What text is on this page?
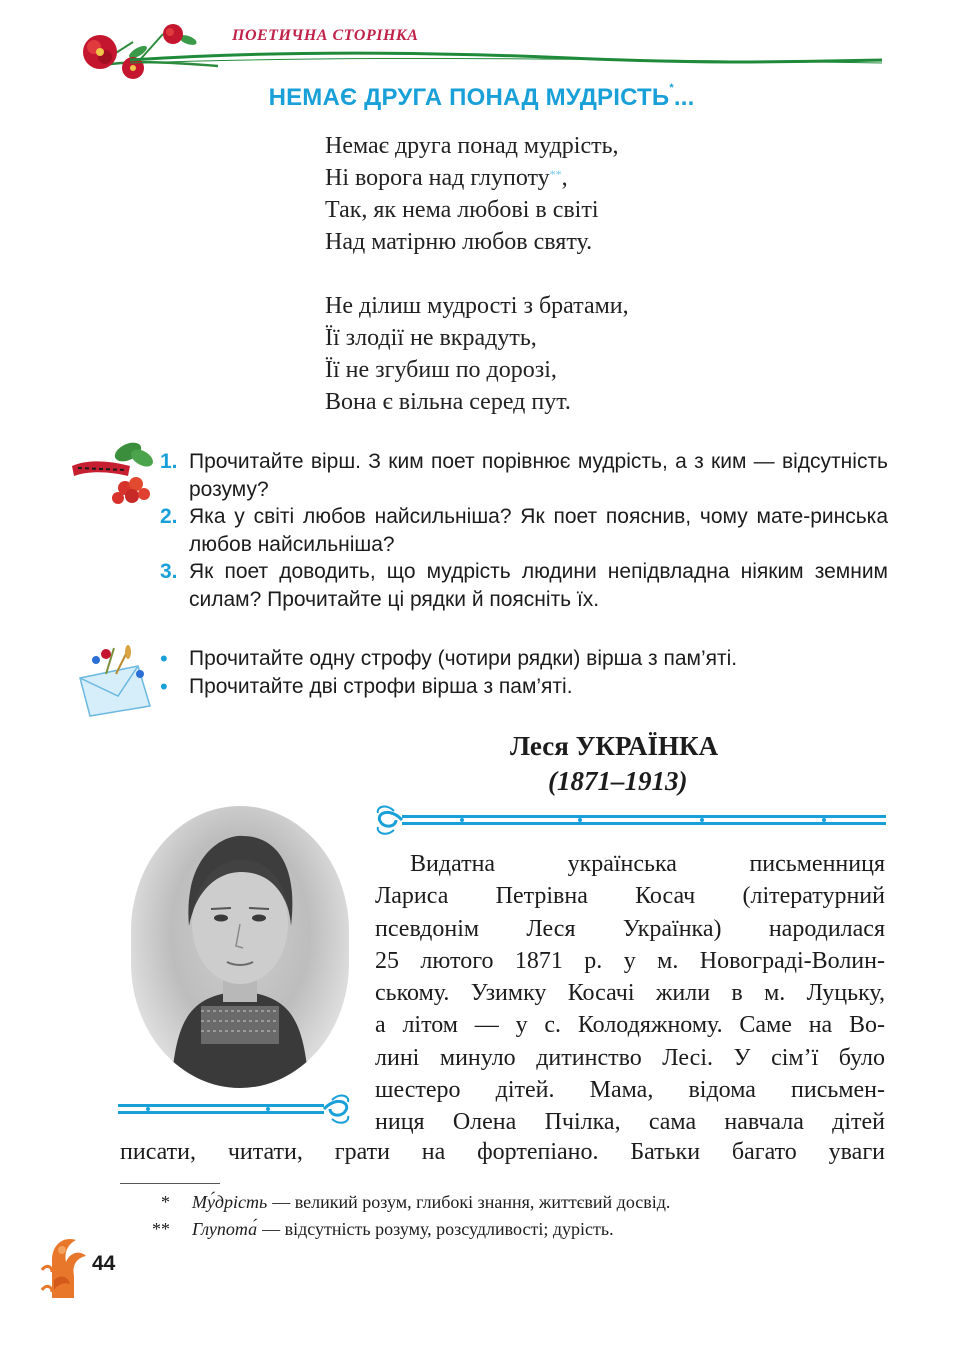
ПОЕТИЧНА СТОРІНКА
НЕМАЄ ДРУГА ПОНАД МУДРІСТЬ*...
Немає друга понад мудрість,
Ні ворога над глупоту**,
Так, як нема любові в світі
Над матірню любов святу.
Не ділиш мудрості з братами,
Її злодії не вкрадуть,
Її не згубиш по дорозі,
Вона є вільна серед пут.
1. Прочитайте вірш. З ким поет порівнює мудрість, а з ким — відсутність розуму?
2. Яка у світі любов найсильніша? Як поет пояснив, чому мате-ринська любов найсильніша?
3. Як поет доводить, що мудрість людини непідвладна ніяким земним силам? Прочитайте ці рядки й поясніть їх.
•	Прочитайте одну строфу (чотири рядки) вірша з пам’яті.
•	Прочитайте дві строфи вірша з пам’яті.
Леся УКРАЇНКА
(1871–1913)
Видатна українська письменниця
Лариса Петрівна Косач (літературний
псевдонім Леся Українка) народилася
25 лютого 1871 р. у м. Новограді-Волин-
ському. Узимку Косачі жили в м. Луцьку,
а літом — у с. Колодяжному. Саме на Во-
лині минуло дитинство Лесі. У сім’ї було
шестеро дітей. Мама, відома письмен-
ниця Олена Пчілка, сама навчала дітей
писати, читати, грати на фортепіано. Батьки багато уваги
*	Му́дрість — великий розум, глибокі знання, життєвий досвід.
**	Глупота́ — відсутність розуму, розсудливості; дурість.
44
